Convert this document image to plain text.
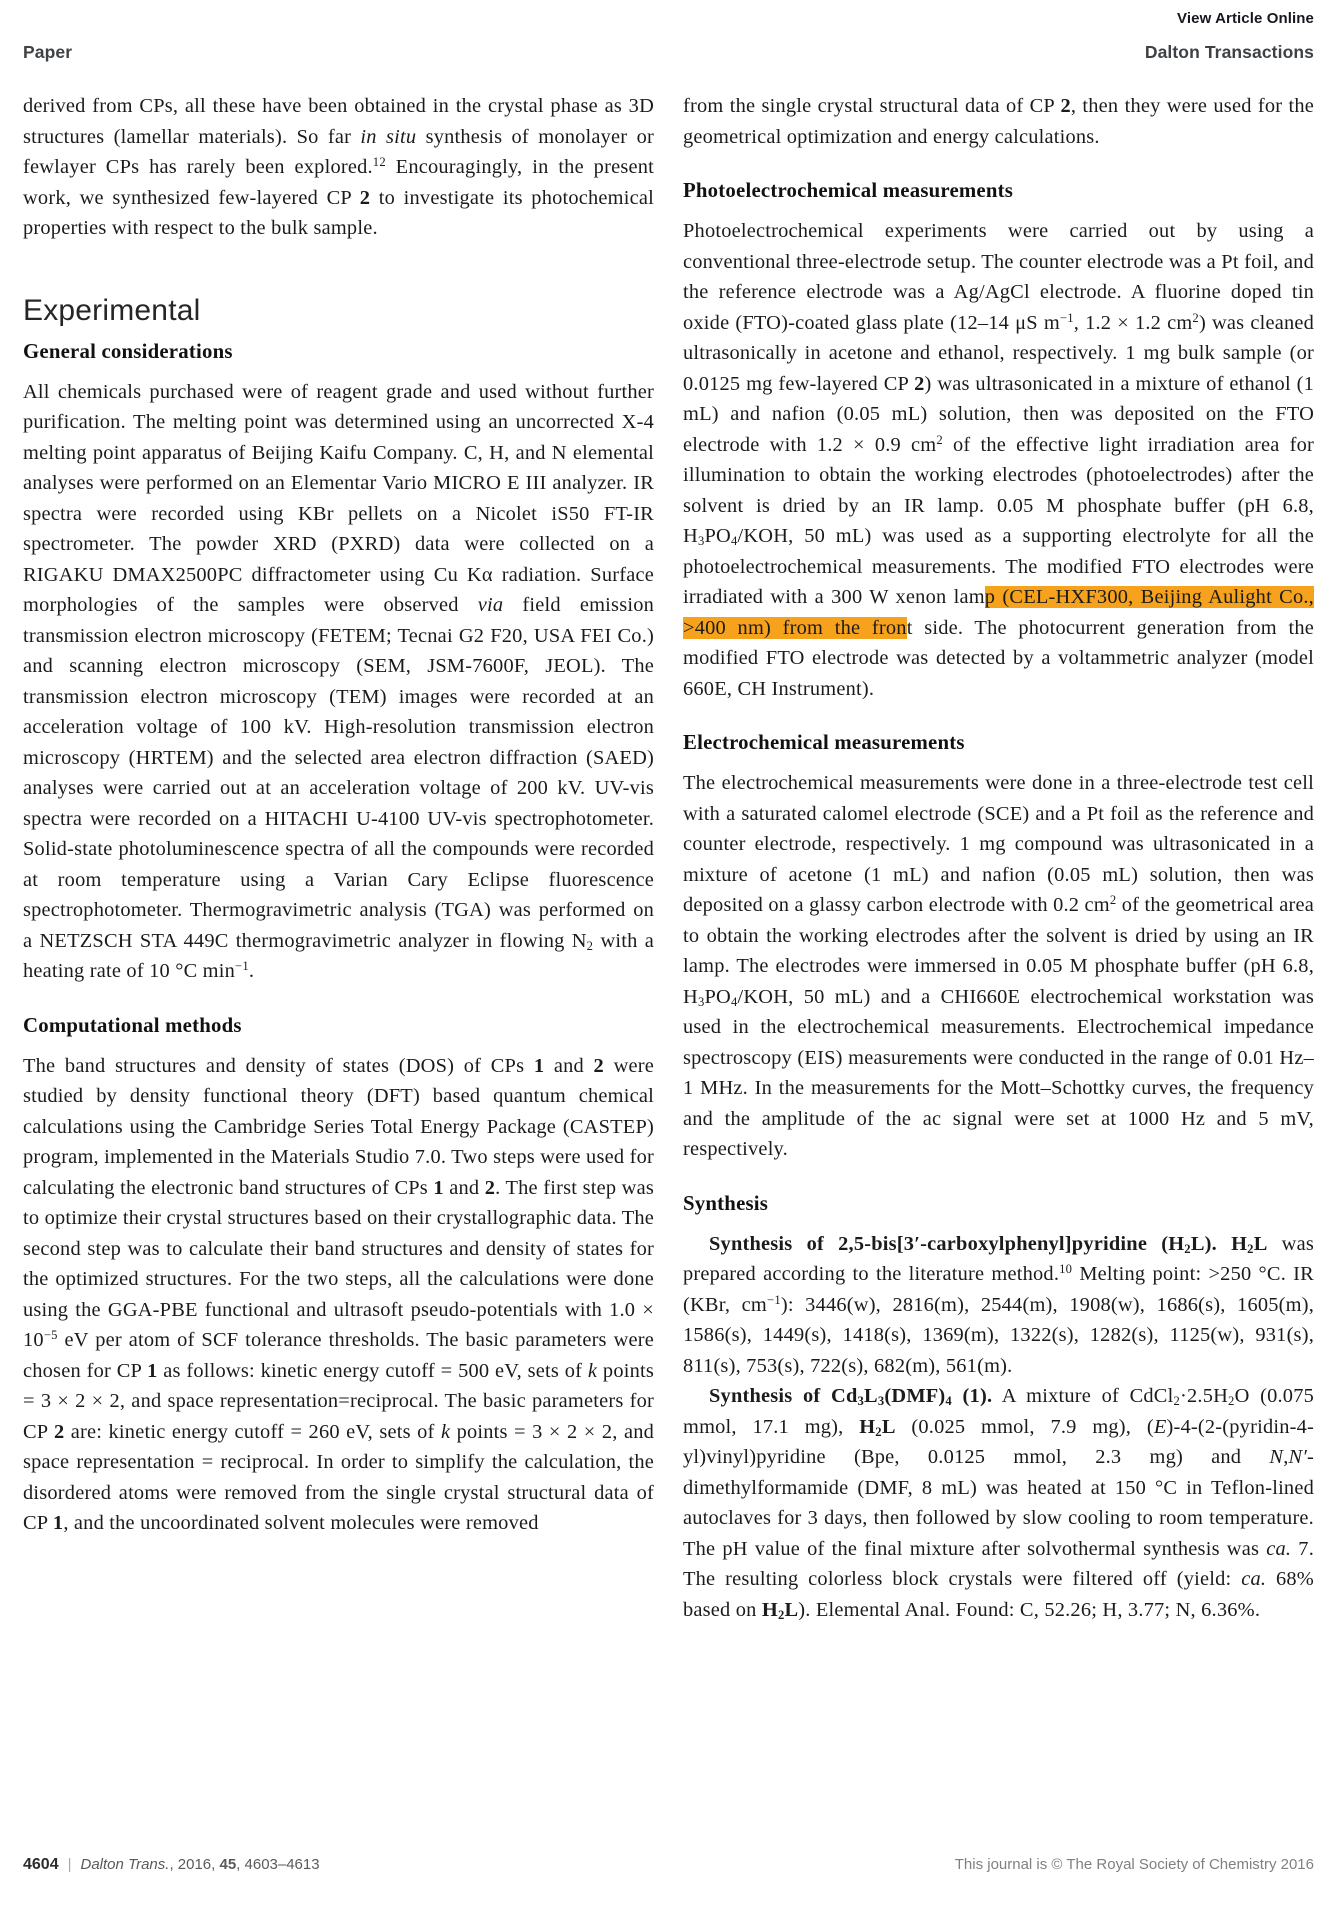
View Article Online
Paper	Dalton Transactions

derived from CPs, all these have been obtained in the crystal phase as 3D structures (lamellar materials). So far in situ synthesis of monolayer or fewlayer CPs has rarely been explored.$^{12}$ Encouragingly, in the present work, we synthesized few-layered CP 2 to investigate its photochemical properties with respect to the bulk sample.

Experimental
General considerations

All chemicals purchased were of reagent grade and used without further purification. The melting point was determined using an uncorrected X-4 melting point apparatus of Beijing Kaifu Company. C, H, and N elemental analyses were performed on an Elementar Vario MICRO E III analyzer. IR spectra were recorded using KBr pellets on a Nicolet iS50 FT-IR spectrometer. The powder XRD (PXRD) data were collected on a RIGAKU DMAX2500PC diffractometer using Cu Kα radiation. Surface morphologies of the samples were observed via field emission transmission electron microscopy (FETEM; Tecnai G2 F20, USA FEI Co.) and scanning electron microscopy (SEM, JSM-7600F, JEOL). The transmission electron microscopy (TEM) images were recorded at an acceleration voltage of 100 kV. High-resolution transmission electron microscopy (HRTEM) and the selected area electron diffraction (SAED) analyses were carried out at an acceleration voltage of 200 kV. UV-vis spectra were recorded on a HITACHI U-4100 UV-vis spectrophotometer. Solid-state photoluminescence spectra of all the compounds were recorded at room temperature using a Varian Cary Eclipse fluorescence spectrophotometer. Thermogravimetric analysis (TGA) was performed on a NETZSCH STA 449C thermogravimetric analyzer in flowing N2 with a heating rate of 10 °C $\min^{-1}$.

Computational methods

The band structures and density of states (DOS) of CPs 1 and 2 were studied by density functional theory (DFT) based quantum chemical calculations using the Cambridge Series Total Energy Package (CASTEP) program, implemented in the Materials Studio 7.0. Two steps were used for calculating the electronic band structures of CPs 1 and 2. The first step was to optimize their crystal structures based on their crystallographic data. The second step was to calculate their band structures and density of states for the optimized structures. For the two steps, all the calculations were done using the GGA-PBE functional and ultrasoft pseudo-potentials with $1.0 \times 10^{-5}$ eV per atom of SCF tolerance thresholds. The basic parameters were chosen for CP 1 as follows: kinetic energy cutoff = 500 eV, sets of k points = 3 × 2 × 2, and space representation=reciprocal. The basic parameters for CP 2 are: kinetic energy cutoff = 260 eV, sets of k points = 3 × 2 × 2, and space representation = reciprocal. In order to simplify the calculation, the disordered atoms were removed from the single crystal structural data of CP 1, and the uncoordinated solvent molecules were removed

from the single crystal structural data of CP 2, then they were used for the geometrical optimization and energy calculations.

Photoelectrochemical measurements

Photoelectrochemical experiments were carried out by using a conventional three-electrode setup. The counter electrode was a Pt foil, and the reference electrode was a Ag/AgCl electrode. A fluorine doped tin oxide (FTO)-coated glass plate (12–14 μS $m^{-1}$, 1.2 × 1.2 $cm^2$) was cleaned ultrasonically in acetone and ethanol, respectively. 1 mg bulk sample (or 0.0125 mg few-layered CP 2) was ultrasonicated in a mixture of ethanol (1 mL) and nafion (0.05 mL) solution, then was deposited on the FTO electrode with 1.2 × 0.9 $cm^2$ of the effective light irradiation area for illumination to obtain the working electrodes (photoelectrodes) after the solvent is dried by an IR lamp. 0.05 M phosphate buffer (pH 6.8, H3PO4/KOH, 50 mL) was used as a supporting electrolyte for all the photoelectrochemical measurements. The modified FTO electrodes were irradiated with a 300 W xenon lamp (CEL-HXF300, Beijing Aulight Co., >400 nm) from the front side. The photocurrent generation from the modified FTO electrode was detected by a voltammetric analyzer (model 660E, CH Instrument).

Electrochemical measurements

The electrochemical measurements were done in a three-electrode test cell with a saturated calomel electrode (SCE) and a Pt foil as the reference and counter electrode, respectively. 1 mg compound was ultrasonicated in a mixture of acetone (1 mL) and nafion (0.05 mL) solution, then was deposited on a glassy carbon electrode with 0.2 $cm^2$ of the geometrical area to obtain the working electrodes after the solvent is dried by using an IR lamp. The electrodes were immersed in 0.05 M phosphate buffer (pH 6.8, H3PO4/KOH, 50 mL) and a CHI660E electrochemical workstation was used in the electrochemical measurements. Electrochemical impedance spectroscopy (EIS) measurements were conducted in the range of 0.01 Hz–1 MHz. In the measurements for the Mott–Schottky curves, the frequency and the amplitude of the ac signal were set at 1000 Hz and 5 mV, respectively.

Synthesis

Synthesis of 2,5-bis[3′-carboxylphenyl]pyridine (H2L). H2L was prepared according to the literature method.$^{10}$ Melting point: >250 °C. IR (KBr, $cm^{-1}$): 3446(w), 2816(m), 2544(m), 1908(w), 1686(s), 1605(m), 1586(s), 1449(s), 1418(s), 1369(m), 1322(s), 1282(s), 1125(w), 931(s), 811(s), 753(s), 722(s), 682(m), 561(m).

Synthesis of Cd3L3(DMF)4 (1). A mixture of CdCl2·2.5H2O (0.075 mmol, 17.1 mg), H2L (0.025 mmol, 7.9 mg), (E)-4-(2-(pyridin-4-yl)vinyl)pyridine (Bpe, 0.0125 mmol, 2.3 mg) and N,N′-dimethylformamide (DMF, 8 mL) was heated at 150 °C in Teflon-lined autoclaves for 3 days, then followed by slow cooling to room temperature. The pH value of the final mixture after solvothermal synthesis was ca. 7. The resulting colorless block crystals were filtered off (yield: ca. 68% based on H2L). Elemental Anal. Found: C, 52.26; H, 3.77; N, 6.36%.

4604 | Dalton Trans., 2016, 45, 4603–4613	This journal is © The Royal Society of Chemistry 2016
